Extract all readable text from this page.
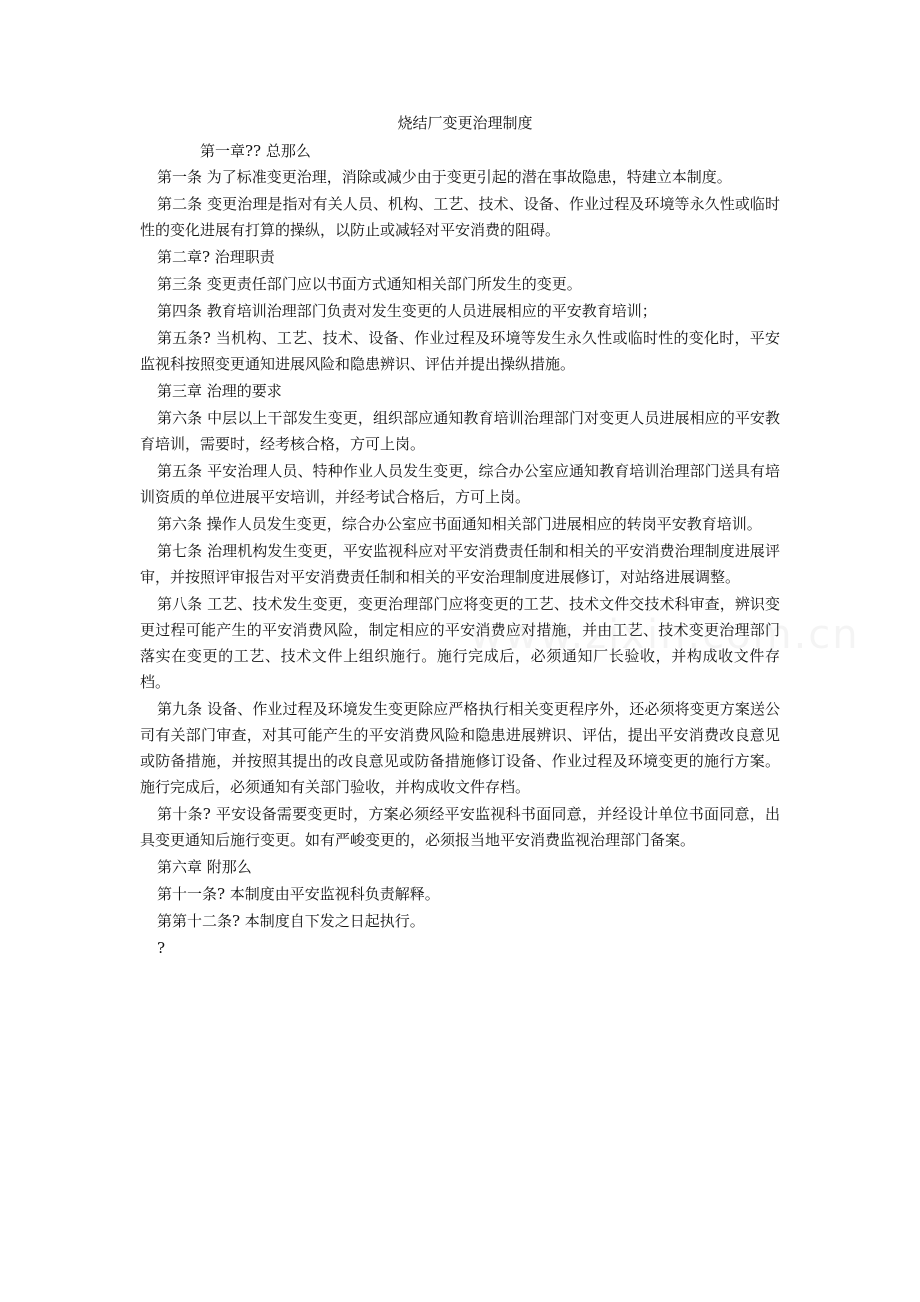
烧结厂变更治理制度
第一章?? 总那么

第一条 为了标准变更治理，消除或减少由于变更引起的潜在事故隐患，特建立本制度。

第二条 变更治理是指对有关人员、机构、工艺、技术、设备、作业过程及环境等永久性或临时性的变化进展有打算的操纵，以防止或减轻对平安消费的阻碍。

第二章? 治理职责

第三条 变更责任部门应以书面方式通知相关部门所发生的变更。

第四条 教育培训治理部门负责对发生变更的人员进展相应的平安教育培训；

第五条? 当机构、工艺、技术、设备、作业过程及环境等发生永久性或临时性的变化时，平安监视科按照变更通知进展风险和隐患辨识、评估并提出操纵措施。

第三章 治理的要求

第六条 中层以上干部发生变更，组织部应通知教育培训治理部门对变更人员进展相应的平安教育培训，需要时，经考核合格，方可上岗。

第五条 平安治理人员、特种作业人员发生变更，综合办公室应通知教育培训治理部门送具有培训资质的单位进展平安培训，并经考试合格后，方可上岗。

第六条 操作人员发生变更，综合办公室应书面通知相关部门进展相应的转岗平安教育培训。

第七条 治理机构发生变更，平安监视科应对平安消费责任制和相关的平安消费治理制度进展评审，并按照评审报告对平安消费责任制和相关的平安治理制度进展修订，对站络进展调整。

第八条 工艺、技术发生变更，变更治理部门应将变更的工艺、技术文件交技术科审查，辨识变更过程可能产生的平安消费风险，制定相应的平安消费应对措施，并由工艺、技术变更治理部门落实在变更的工艺、技术文件上组织施行。施行完成后，必须通知厂长验收，并构成收文件存档。

第九条 设备、作业过程及环境发生变更除应严格执行相关变更程序外，还必须将变更方案送公司有关部门审查，对其可能产生的平安消费风险和隐患进展辨识、评估，提出平安消费改良意见或防备措施，并按照其提出的改良意见或防备措施修订设备、作业过程及环境变更的施行方案。施行完成后，必须通知有关部门验收，并构成收文件存档。

第十条? 平安设备需要变更时，方案必须经平安监视科书面同意，并经设计单位书面同意，出具变更通知后施行变更。如有严峻变更的，必须报当地平安消费监视治理部门备案。

第六章 附那么

第十一条? 本制度由平安监视科负责解释。

第第十二条? 本制度自下发之日起执行。

?
